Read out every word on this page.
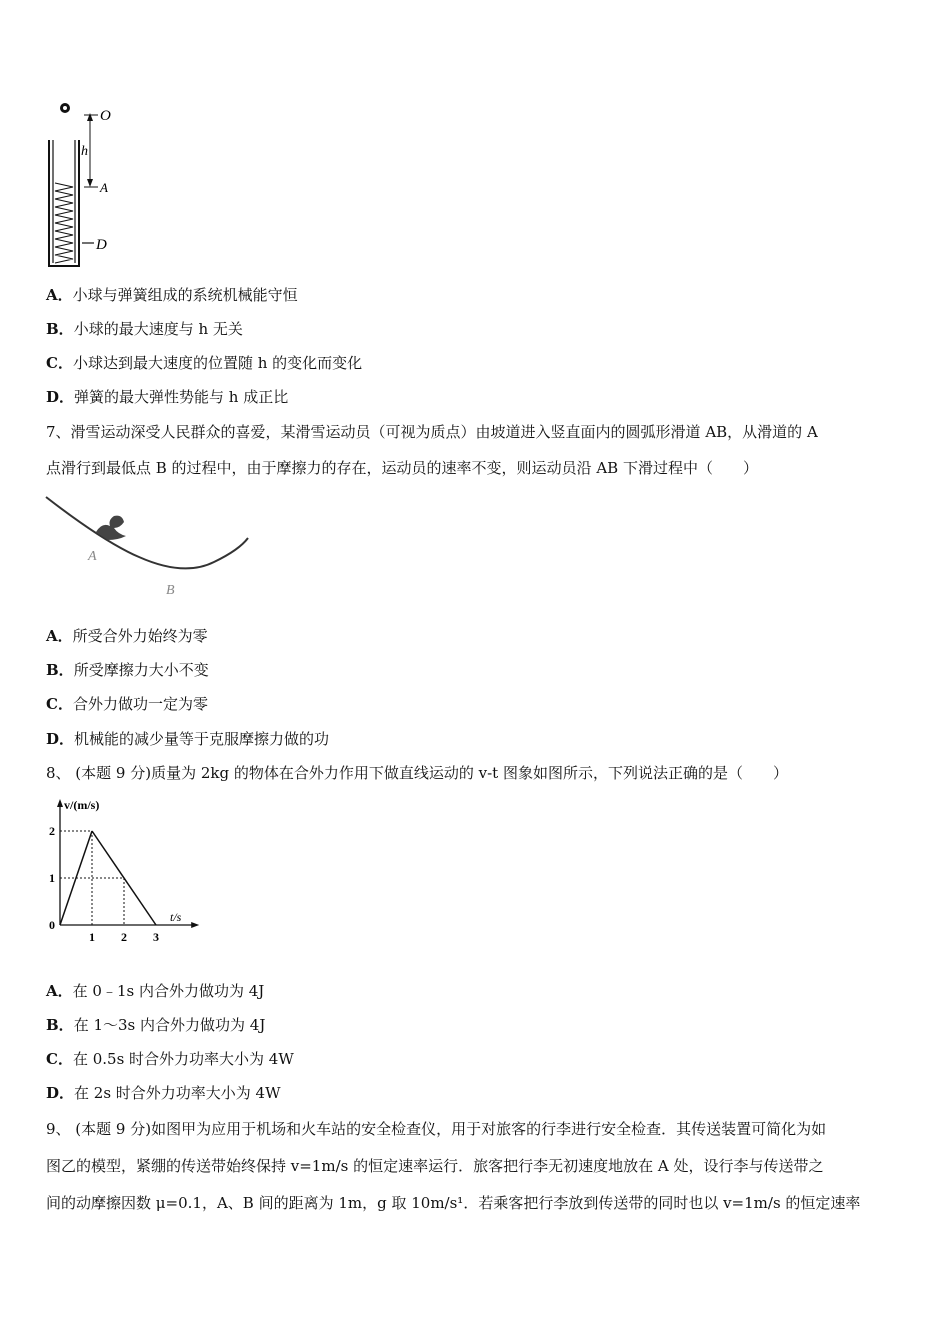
O
h
A
D
A．小球与弹簧组成的系统机械能守恒
B．小球的最大速度与 h 无关
C．小球达到最大速度的位置随 h 的变化而变化
D．弹簧的最大弹性势能与 h 成正比
7、滑雪运动深受人民群众的喜爱，某滑雪运动员（可视为质点）由坡道进入竖直面内的圆弧形滑道 AB，从滑道的 A
点滑行到最低点 B 的过程中，由于摩擦力的存在，运动员的速率不变，则运动员沿 AB 下滑过程中（　　）
A
B
A．所受合外力始终为零
B．所受摩擦力大小不变
C．合外力做功一定为零
D．机械能的减少量等于克服摩擦力做的功
8、 (本题 9 分)质量为 2kg 的物体在合外力作用下做直线运动的 v-t 图象如图所示，下列说法正确的是（　　）
v/(m/s)
t/s
0
1 2 3
1
2
A．在 0﹣1s 内合外力做功为 4J
B．在 1～3s 内合外力做功为 4J
C．在 0.5s 时合外力功率大小为 4W
D．在 2s 时合外力功率大小为 4W
9、 (本题 9 分)如图甲为应用于机场和火车站的安全检查仪，用于对旅客的行李进行安全检查．其传送装置可简化为如
图乙的模型，紧绷的传送带始终保持 v=1m/s 的恒定速率运行．旅客把行李无初速度地放在 A 处，设行李与传送带之
间的动摩擦因数 μ=0.1，A、B 间的距离为 1m，g 取 10m/s¹．若乘客把行李放到传送带的同时也以 v=1m/s 的恒定速率
